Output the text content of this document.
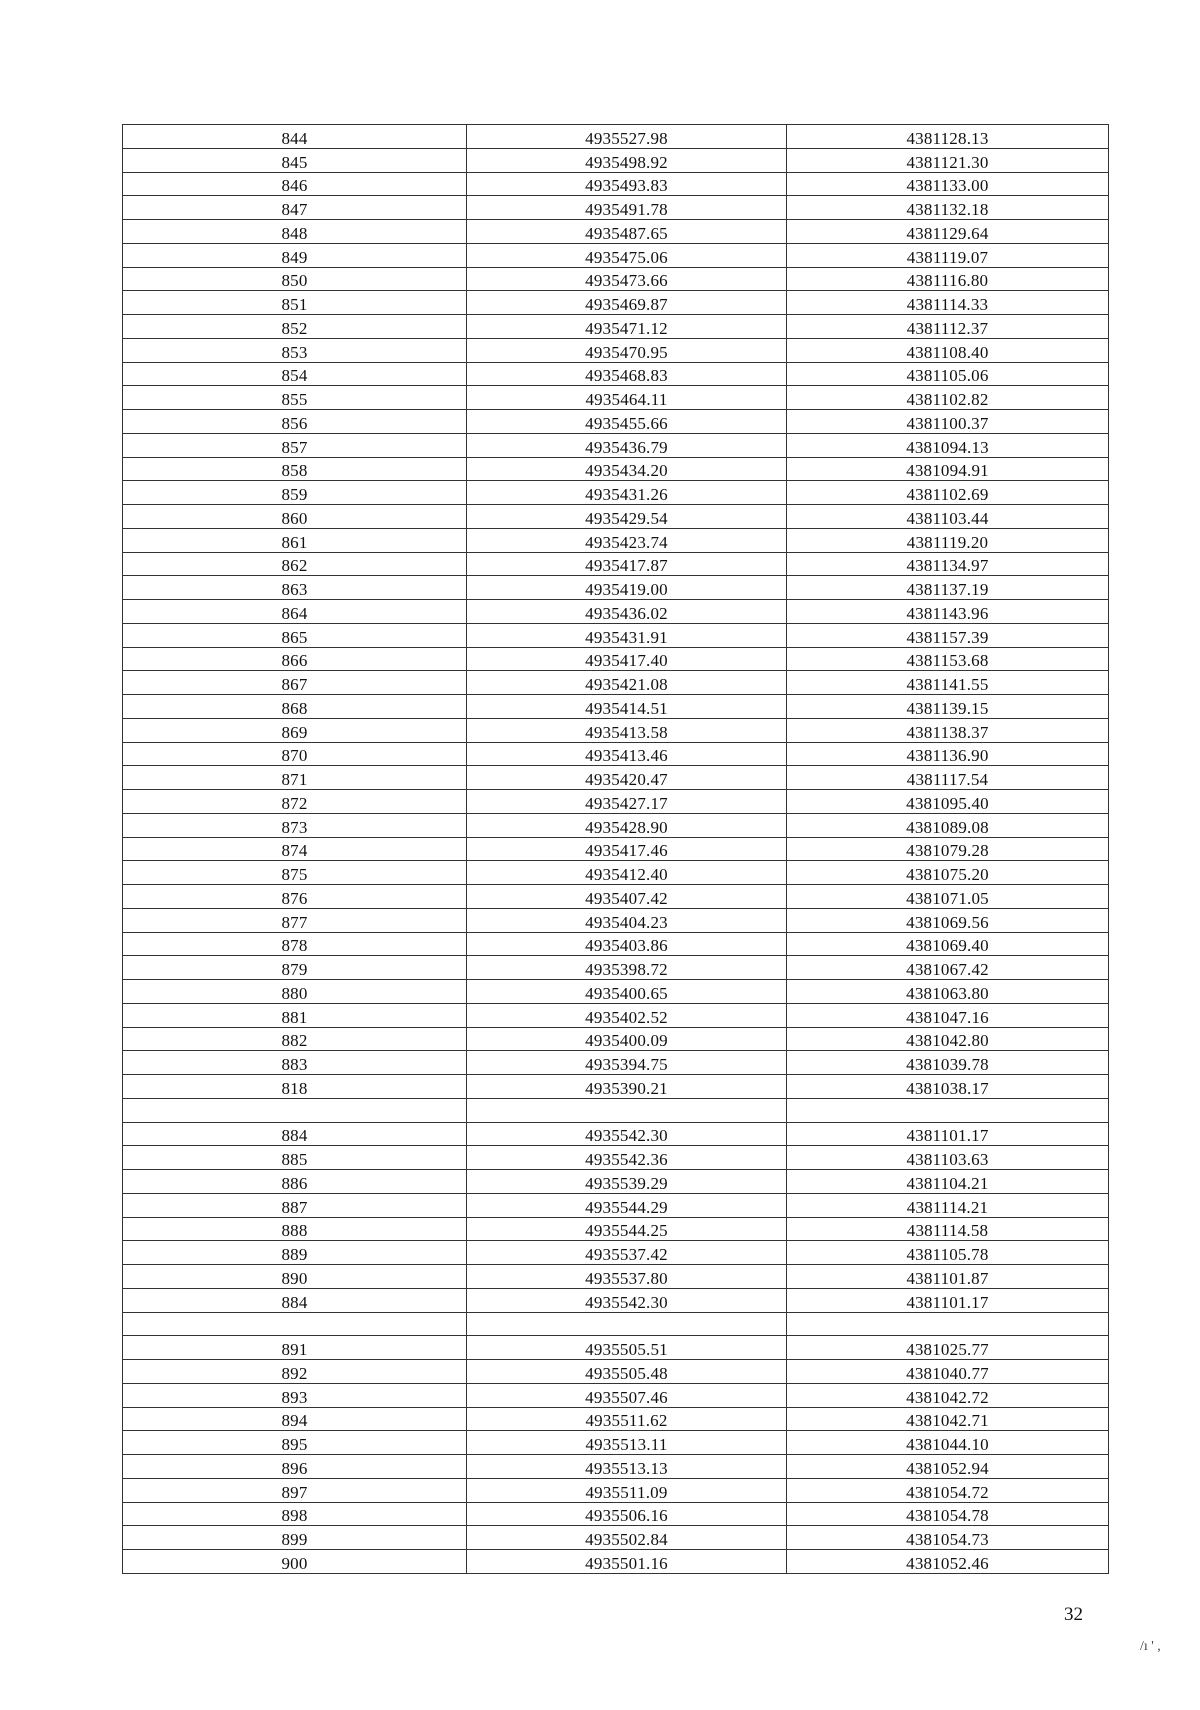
844	4935527.98	4381128.13
845	4935498.92	4381121.30
846	4935493.83	4381133.00
847	4935491.78	4381132.18
848	4935487.65	4381129.64
849	4935475.06	4381119.07
850	4935473.66	4381116.80
851	4935469.87	4381114.33
852	4935471.12	4381112.37
853	4935470.95	4381108.40
854	4935468.83	4381105.06
855	4935464.11	4381102.82
856	4935455.66	4381100.37
857	4935436.79	4381094.13
858	4935434.20	4381094.91
859	4935431.26	4381102.69
860	4935429.54	4381103.44
861	4935423.74	4381119.20
862	4935417.87	4381134.97
863	4935419.00	4381137.19
864	4935436.02	4381143.96
865	4935431.91	4381157.39
866	4935417.40	4381153.68
867	4935421.08	4381141.55
868	4935414.51	4381139.15
869	4935413.58	4381138.37
870	4935413.46	4381136.90
871	4935420.47	4381117.54
872	4935427.17	4381095.40
873	4935428.90	4381089.08
874	4935417.46	4381079.28
875	4935412.40	4381075.20
876	4935407.42	4381071.05
877	4935404.23	4381069.56
878	4935403.86	4381069.40
879	4935398.72	4381067.42
880	4935400.65	4381063.80
881	4935402.52	4381047.16
882	4935400.09	4381042.80
883	4935394.75	4381039.78
818	4935390.21	4381038.17

884	4935542.30	4381101.17
885	4935542.36	4381103.63
886	4935539.29	4381104.21
887	4935544.29	4381114.21
888	4935544.25	4381114.58
889	4935537.42	4381105.78
890	4935537.80	4381101.87
884	4935542.30	4381101.17

891	4935505.51	4381025.77
892	4935505.48	4381040.77
893	4935507.46	4381042.72
894	4935511.62	4381042.71
895	4935513.11	4381044.10
896	4935513.13	4381052.94
897	4935511.09	4381054.72
898	4935506.16	4381054.78
899	4935502.84	4381054.73
900	4935501.16	4381052.46
32
/ı ' ,
